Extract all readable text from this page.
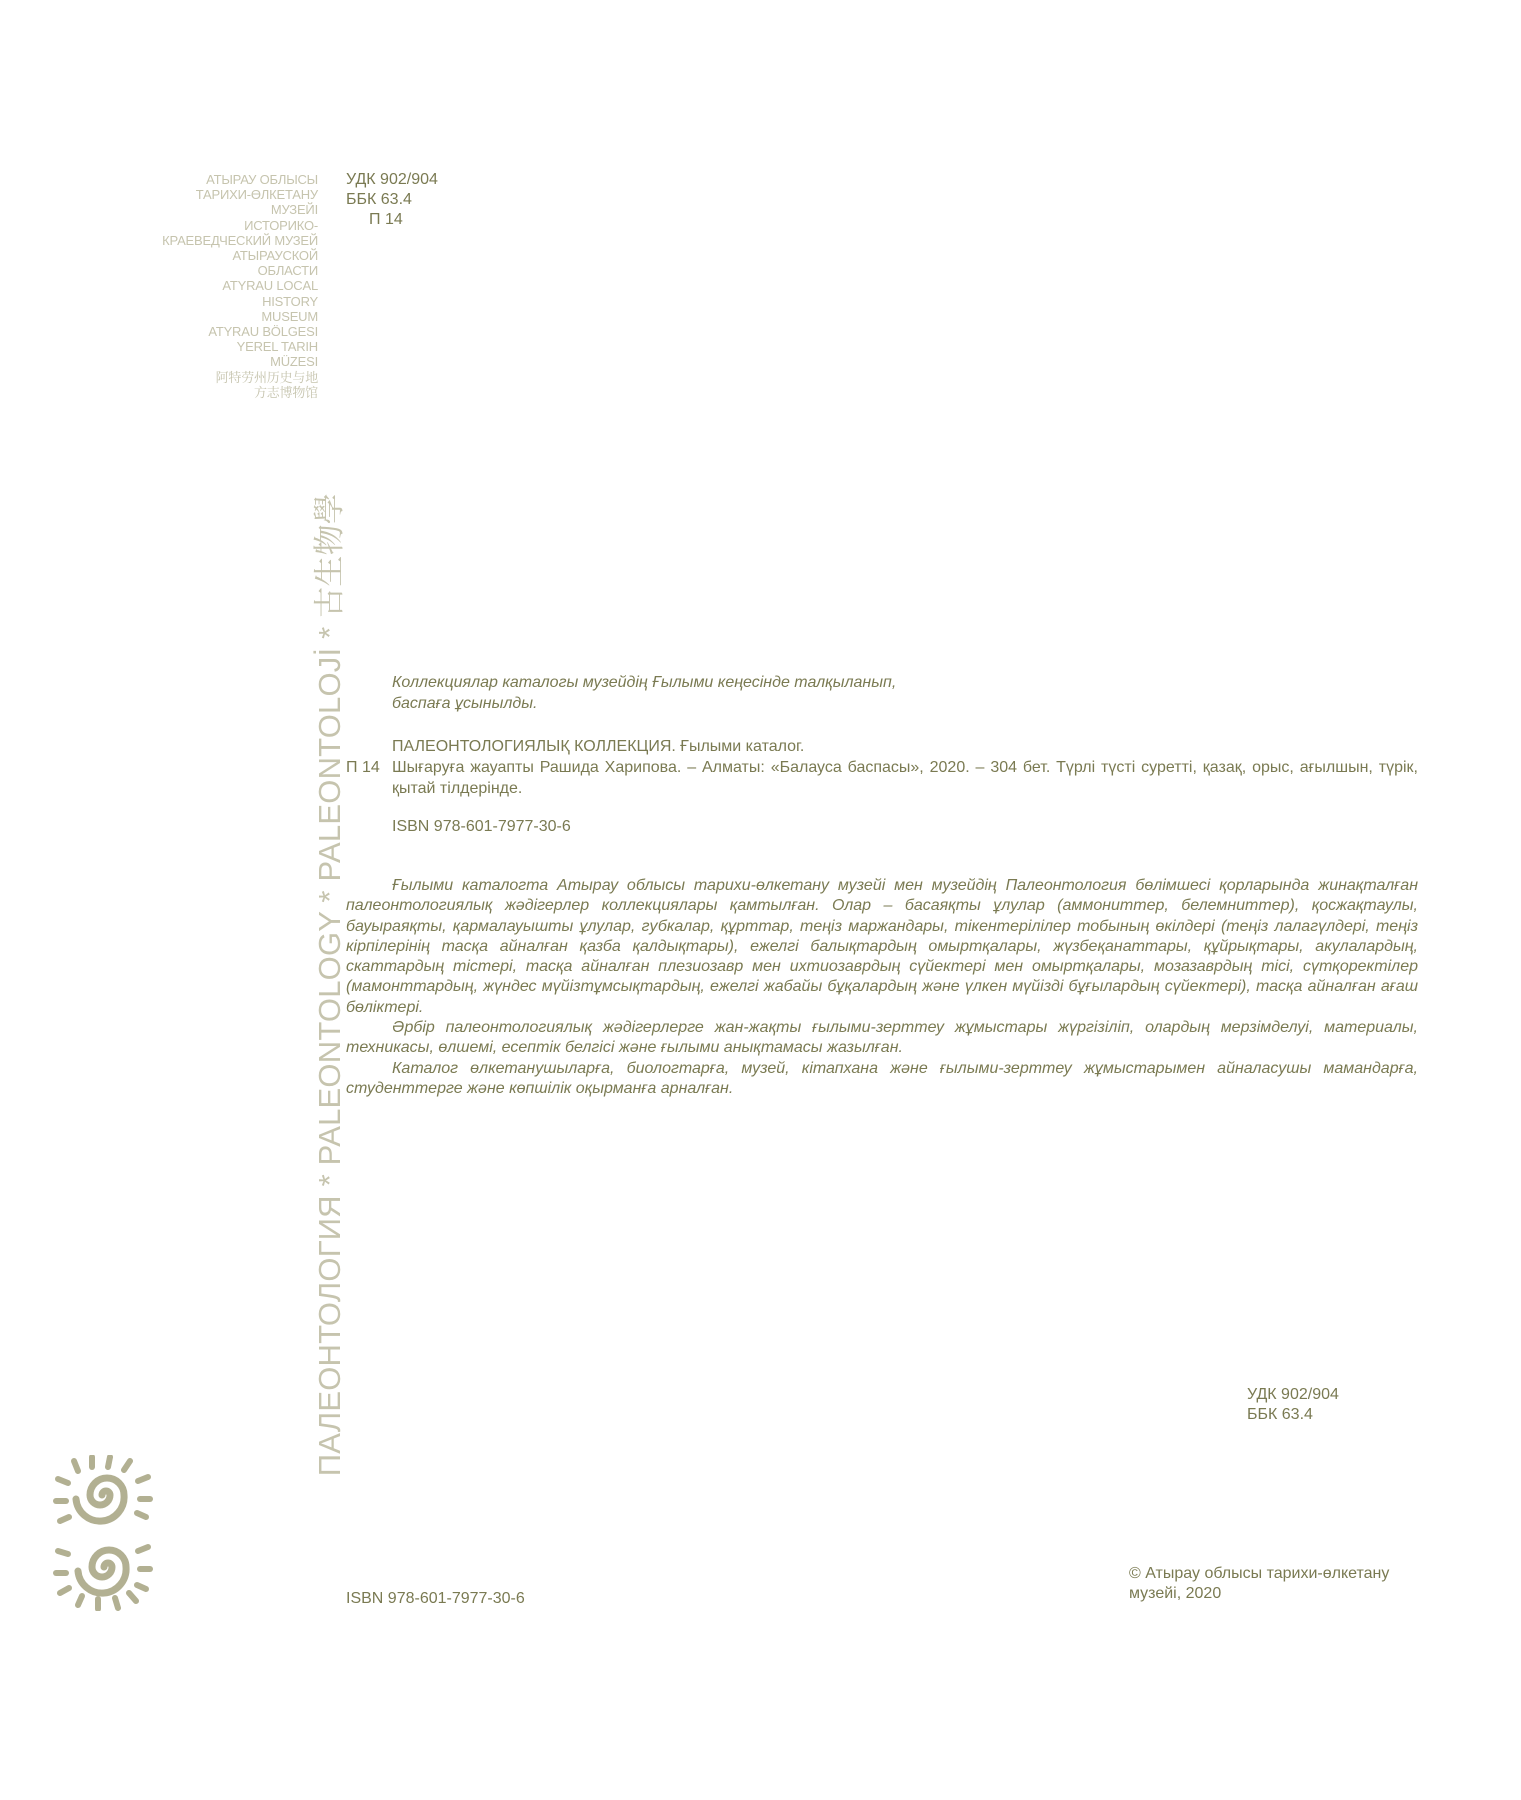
АТЫРАУ ОБЛЫСЫ
ТАРИХИ-ӨЛКЕТАНУ
МУЗЕЙІ
ИСТОРИКО-
КРАЕВЕДЧЕСКИЙ МУЗЕЙ
АТЫРАУСКОЙ
ОБЛАСТИ
ATYRAU LOCAL
HISTORY
MUSEUM
ATYRAU BÖLGESI
YEREL TARIH
MÜZESI
阿特劳州历史与地
方志博物馆
УДК 902/904
ББК 63.4
П 14
ПАЛЕОНТОЛОГИЯ * PALEONTOLOGY * PALEONTOLOJİ * 古生物學	Коллекциялар каталогы музейдің Ғылыми кеңесінде талқыланып, баспаға ұсынылды.
ПАЛЕОНТОЛОГИЯЛЫҚ КОЛЛЕКЦИЯ. Ғылыми каталог.
П 14 Шығаруға жауапты Рашида Харипова. – Алматы: «Балауса баспасы», 2020. – 304 бет. Түрлі түсті суретті, қазақ, орыс, ағылшын, түрік, қытай тілдерінде.
ISBN 978-601-7977-30-6

Ғылыми каталогта Атырау облысы тарихи-өлкетану музейі мен музейдің Палеонтология бөлімшесі қорларында жинақталған палеонтологиялық жәдігерлер коллекциялары қамтылған. Олар – басаяқты ұлулар (аммониттер, белемниттер), қосжақтаулы, бауыраяқты, қармалауышты ұлулар, губкалар, құрттар, теңіз маржандары, тікентерілілер тобының өкілдері (теңіз лалагүлдері, теңіз кірпілерінің тасқа айналған қазба қалдықтары), ежелгі балықтардың омыртқалары, жүзбеқанаттары, құйрықтары, акулалардың, скаттардың тістері, тасқа айналған плезиозавр мен ихтиозаврдың сүйектері мен омыртқалары, мозазаврдың тісі, сүтқоректілер (мамонттардың, жүндес мүйізтұмсықтардың, ежелгі жабайы бұқалардың және үлкен мүйізді бұғылардың сүйектері), тасқа айналған ағаш бөліктері.

Әрбір палеонтологиялық жәдігерлерге жан-жақты ғылыми-зерттеу жұмыстары жүргізіліп, олардың мерзімделуі, материалы, техникасы, өлшемі, есептік белгісі және ғылыми анықтамасы жазылған.

Каталог өлкетанушыларға, биологтарға, музей, кітапхана және ғылыми-зерттеу жұмыстарымен айналасушы мамандарға, студенттерге және көпшілік оқырманға арналған.

УДК 902/904
ББК 63.4
ISBN 978-601-7977-30-6
© Атырау облысы тарихи-өлкетану музейі, 2020
